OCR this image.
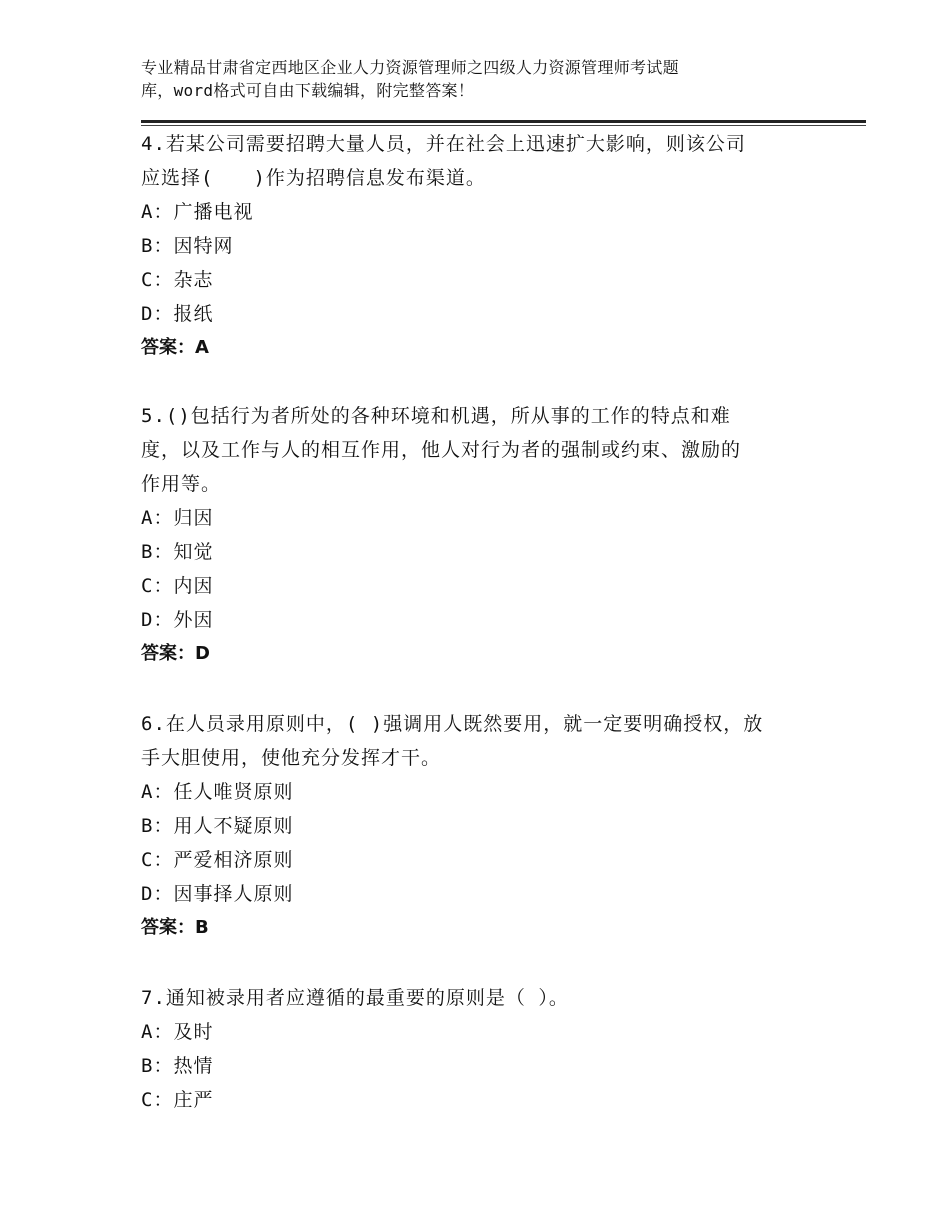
专业精品甘肃省定西地区企业人力资源管理师之四级人力资源管理师考试题
库，word格式可自由下载编辑，附完整答案！
4.若某公司需要招聘大量人员，并在社会上迅速扩大影响，则该公司
应选择(　　)作为招聘信息发布渠道。
A：广播电视
B：因特网
C：杂志
D：报纸
答案：A
5.()包括行为者所处的各种环境和机遇，所从事的工作的特点和难
度，以及工作与人的相互作用，他人对行为者的强制或约束、激励的
作用等。
A：归因
B：知觉
C：内因
D：外因
答案：D
6.在人员录用原则中，( )强调用人既然要用，就一定要明确授权，放
手大胆使用，使他充分发挥才干。
A：任人唯贤原则
B：用人不疑原则
C：严爱相济原则
D：因事择人原则
答案：B
7.通知被录用者应遵循的最重要的原则是（ ）。
A：及时
B：热情
C：庄严
